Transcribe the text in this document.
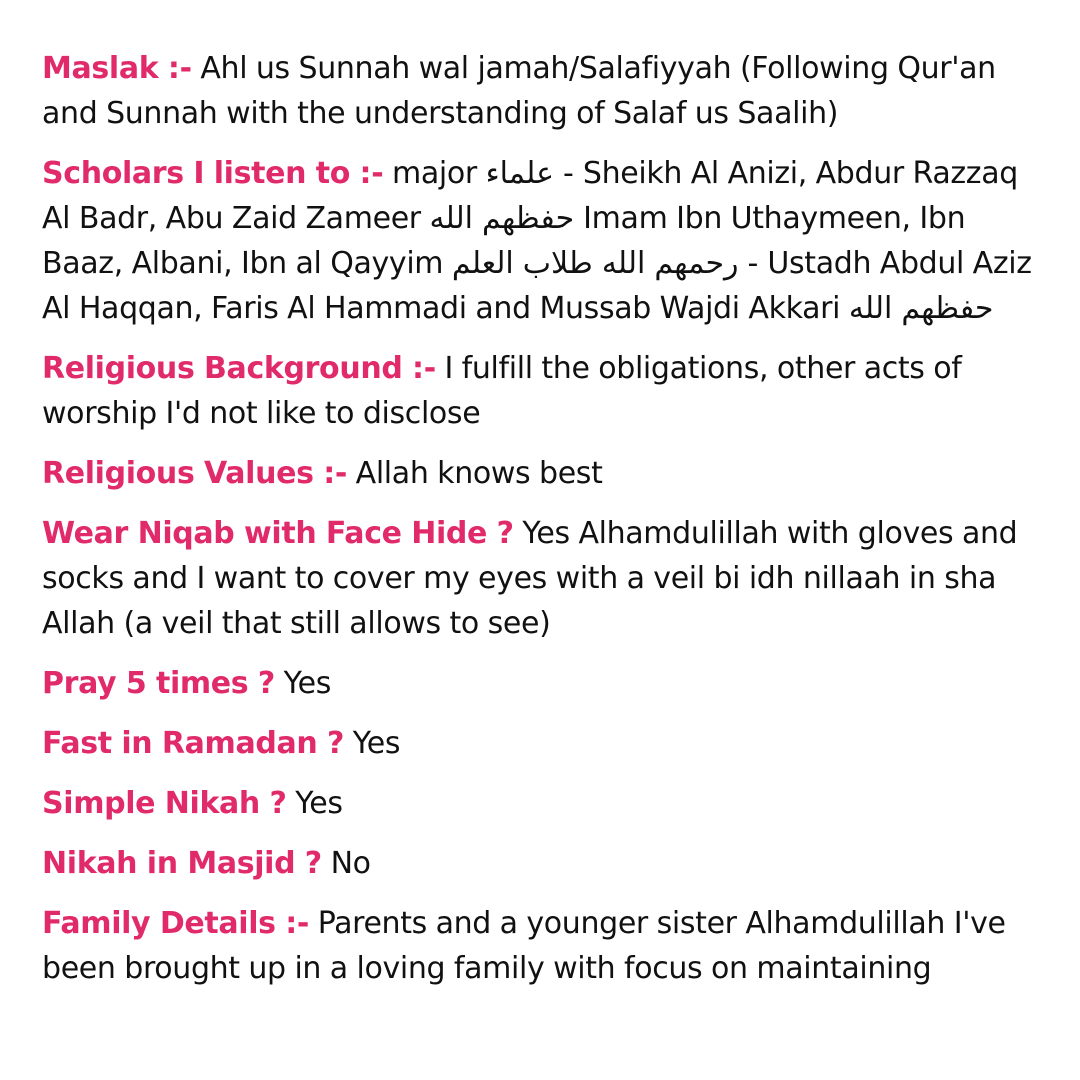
Maslak :- Ahl us Sunnah wal jamah/Salafiyyah (Following Qur'an and Sunnah with the understanding of Salaf us Saalih)

Scholars I listen to :- major علماء - Sheikh Al Anizi, Abdur Razzaq Al Badr, Abu Zaid Zameer حفظهم الله Imam Ibn Uthaymeen, Ibn Baaz, Albani, Ibn al Qayyim رحمهم الله طلاب العلم - Ustadh Abdul Aziz Al Haqqan, Faris Al Hammadi and Mussab Wajdi Akkari حفظهم الله

Religious Background :- I fulfill the obligations, other acts of worship I'd not like to disclose

Religious Values :- Allah knows best

Wear Niqab with Face Hide ? Yes Alhamdulillah with gloves and socks and I want to cover my eyes with a veil bi idh nillaah in sha Allah (a veil that still allows to see)

Pray 5 times ? Yes

Fast in Ramadan ? Yes

Simple Nikah ? Yes

Nikah in Masjid ? No

Family Details :- Parents and a younger sister Alhamdulillah I've been brought up in a loving family with focus on maintaining
